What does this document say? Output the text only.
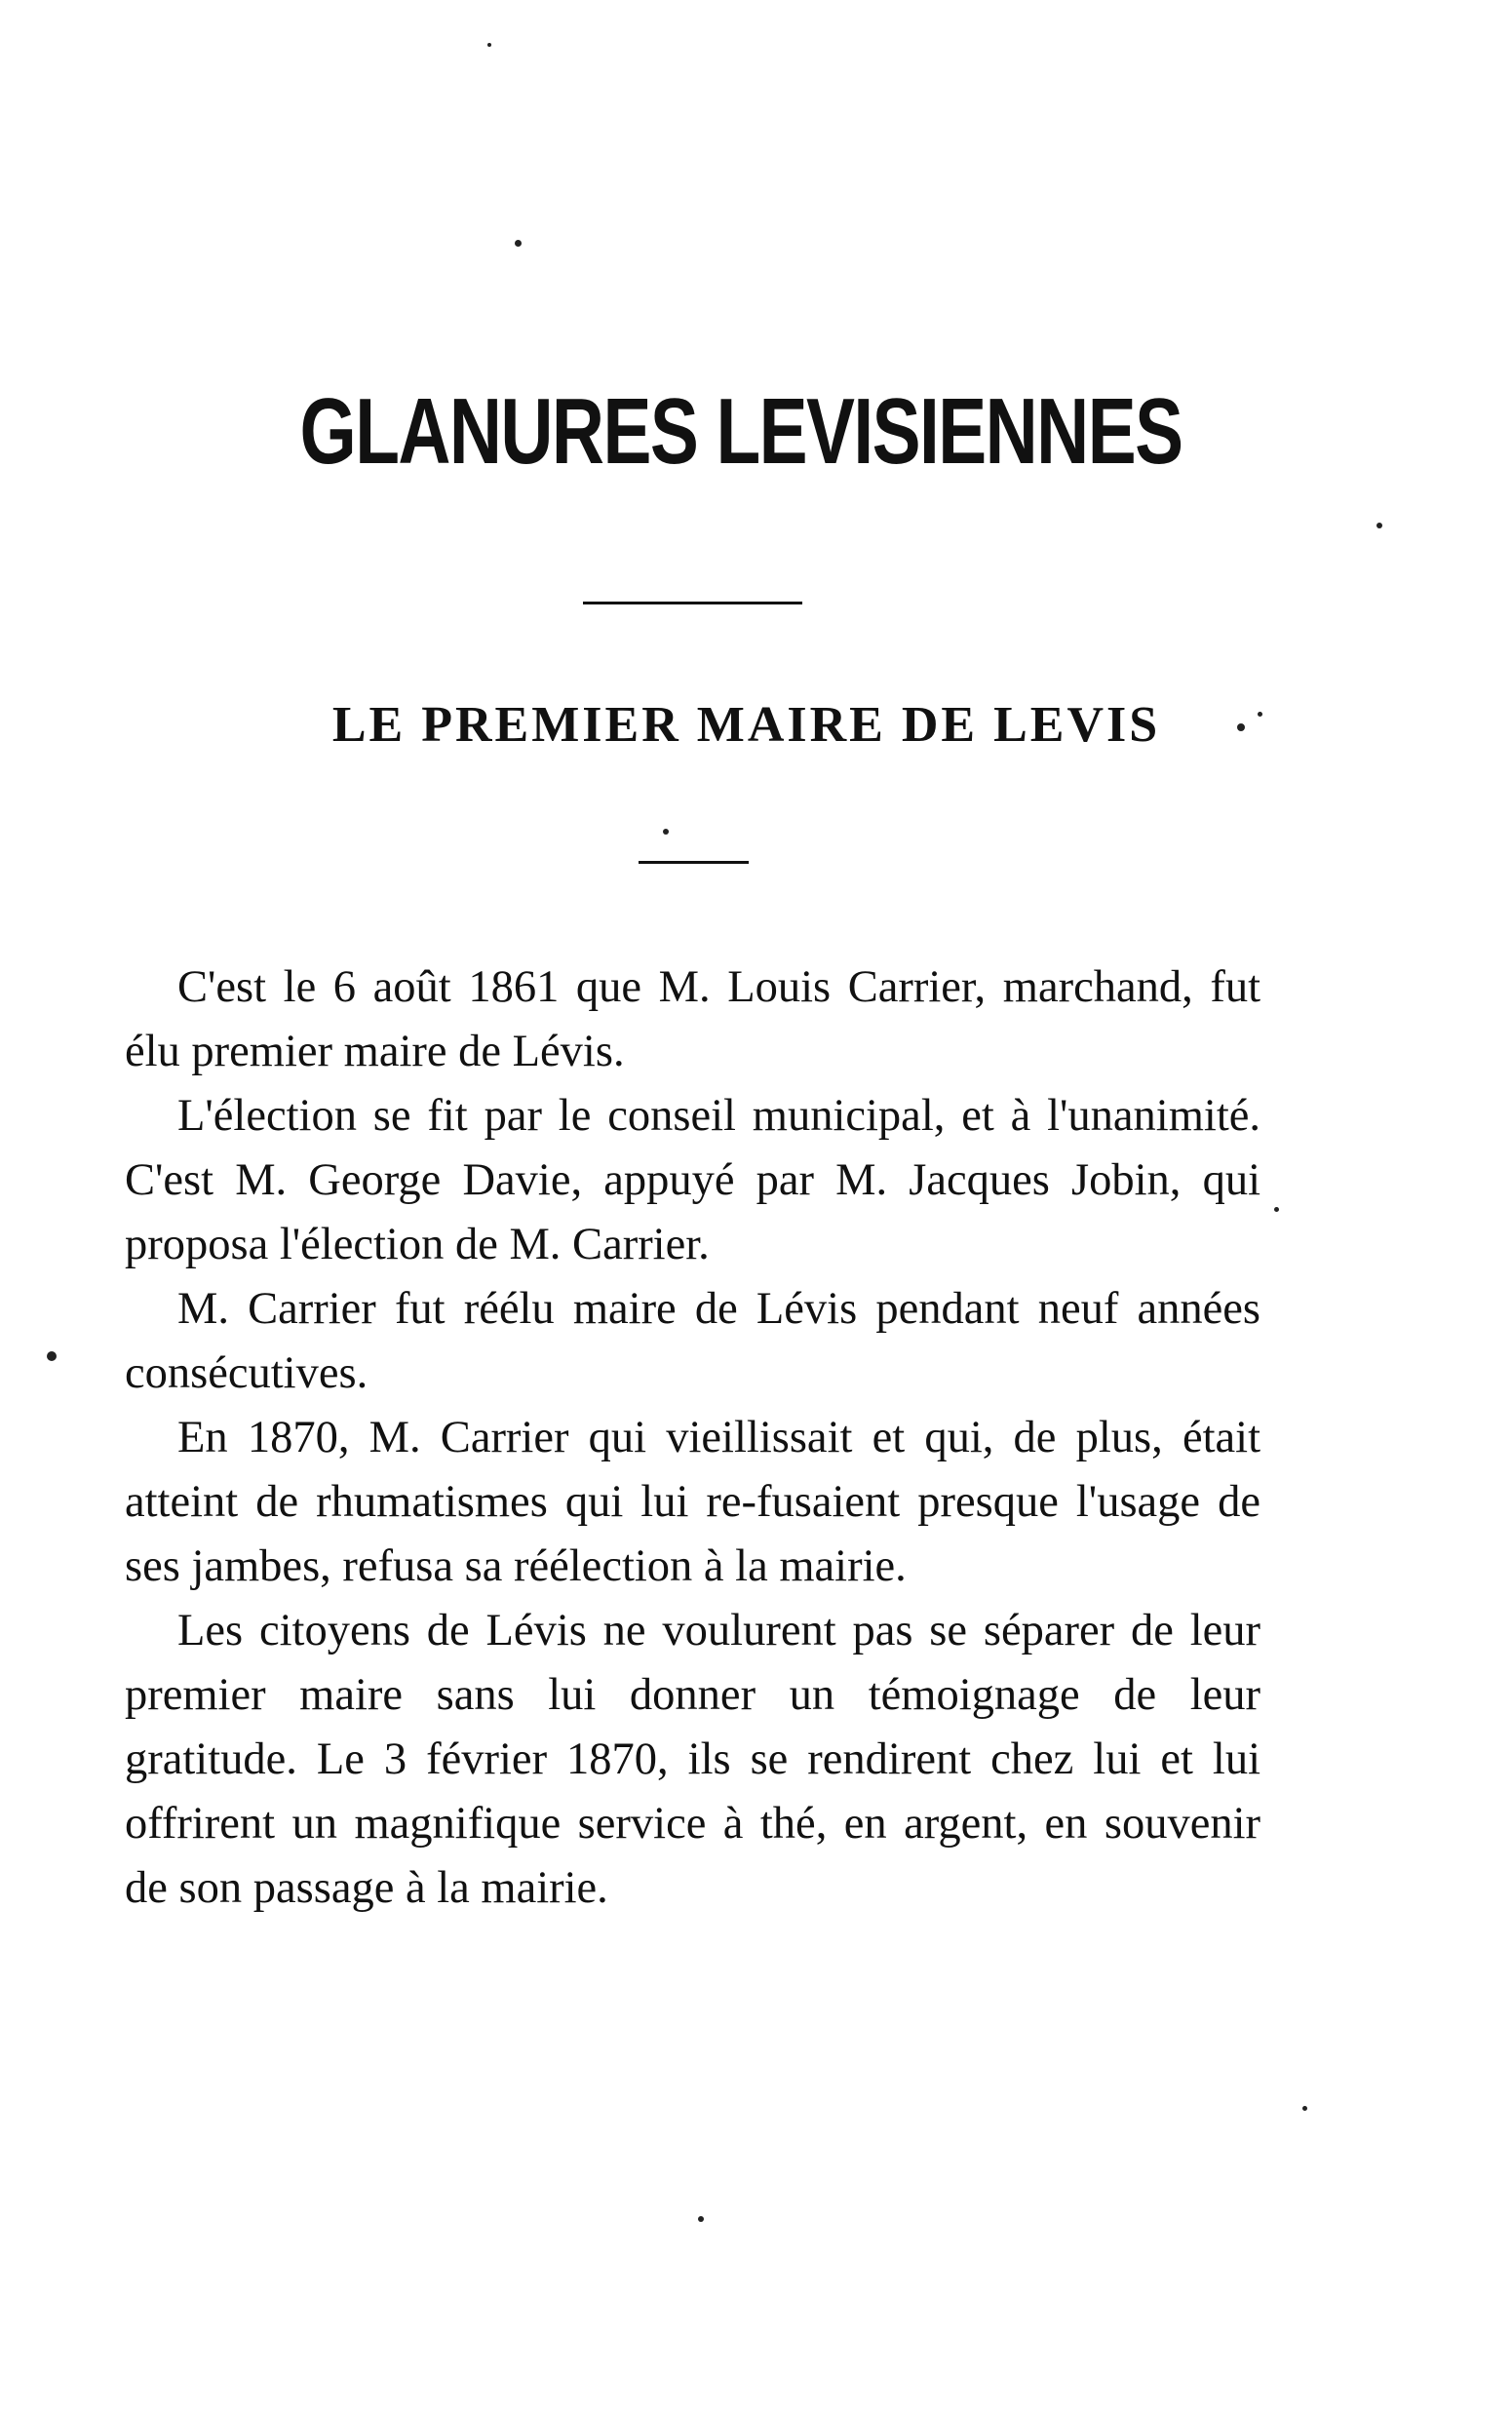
GLANURES LEVISIENNES
LE PREMIER MAIRE DE LEVIS

C'est le 6 août 1861 que M. Louis Carrier, marchand, fut élu premier maire de Lévis.

L'élection se fit par le conseil municipal, et à l'unanimité. C'est M. George Davie, appuyé par M. Jacques Jobin, qui proposa l'élection de M. Carrier.

M. Carrier fut réélu maire de Lévis pendant neuf années consécutives.

En 1870, M. Carrier qui vieillissait et qui, de plus, était atteint de rhumatismes qui lui re-fusaient presque l'usage de ses jambes, refusa sa réélection à la mairie.

Les citoyens de Lévis ne voulurent pas se séparer de leur premier maire sans lui donner un témoignage de leur gratitude. Le 3 février 1870, ils se rendirent chez lui et lui offrirent un magnifique service à thé, en argent, en souvenir de son passage à la mairie.
